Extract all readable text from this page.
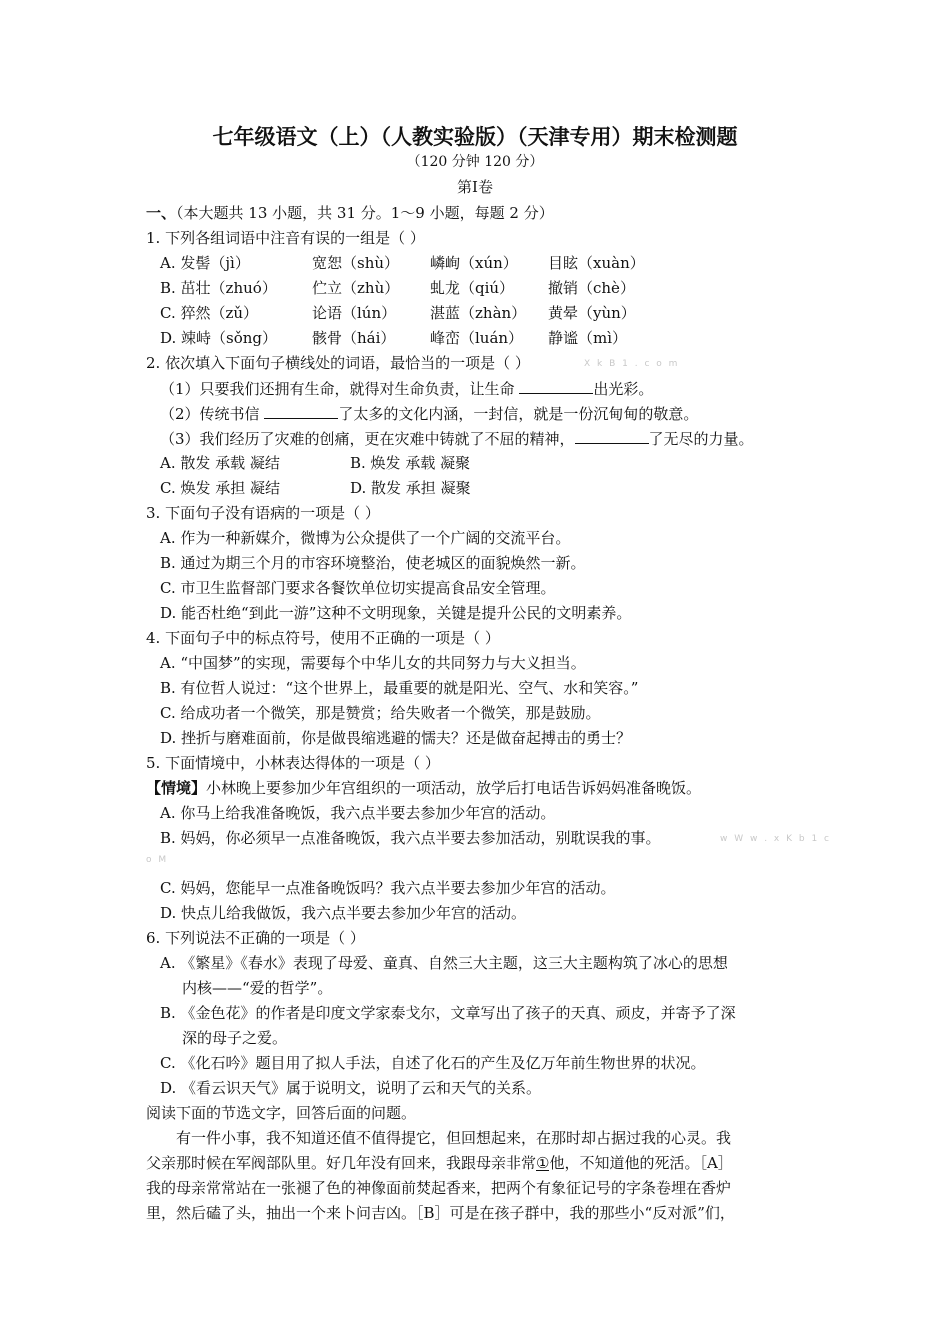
七年级语文（上）（人教实验版）（天津专用）期末检测题
（120 分钟 120 分）
第Ⅰ卷
一、（本大题共 13 小题，共 31 分。1～9 小题，每题 2 分）
1. 下列各组词语中注音有误的一组是（ ）
A. 发髻（jì）	宽恕（shù） 嶙峋（xún） 目眩（xuàn）
B. 茁壮（zhuó） 伫立（zhù） 虬龙（qiú） 撤销（chè）
C. 猝然（zǔ）	论语（lún） 湛蓝（zhàn） 黄晕（yùn）
D. 竦峙（sǒng） 骸骨（hái） 峰峦（luán） 静谧（mì）
2. 依次填入下面句子横线处的词语，最恰当的一项是（ ）	X k B 1 . c o m
（1）只要我们还拥有生命，就得对生命负责，让生命	出光彩。
（2）传统书信	了太多的文化内涵，一封信，就是一份沉甸甸的敬意。
（3）我们经历了灾难的创痛，更在灾难中铸就了不屈的精神，	了无尽的力量。
A. 散发 承载 凝结	B. 焕发 承载 凝聚
C. 焕发 承担 凝结	D. 散发 承担 凝聚
3. 下面句子没有语病的一项是（ ）
A. 作为一种新媒介，微博为公众提供了一个广阔的交流平台。
B. 通过为期三个月的市容环境整治，使老城区的面貌焕然一新。
C. 市卫生监督部门要求各餐饮单位切实提高食品安全管理。
D. 能否杜绝“到此一游”这种不文明现象，关键是提升公民的文明素养。
4. 下面句子中的标点符号，使用不正确的一项是（ ）
A. “中国梦”的实现，需要每个中华儿女的共同努力与大义担当。
B. 有位哲人说过：“这个世界上，最重要的就是阳光、空气、水和笑容。”
C. 给成功者一个微笑，那是赞赏；给失败者一个微笑，那是鼓励。
D. 挫折与磨难面前，你是做畏缩逃避的懦夫？还是做奋起搏击的勇士？
5. 下面情境中，小林表达得体的一项是（ ）
【情境】小林晚上要参加少年宫组织的一项活动，放学后打电话告诉妈妈准备晚饭。
A. 你马上给我准备晚饭，我六点半要去参加少年宫的活动。
B. 妈妈，你必须早一点准备晚饭，我六点半要去参加活动，别耽误我的事。	w W w . x K b 1 c
o M
C. 妈妈，您能早一点准备晚饭吗？我六点半要去参加少年宫的活动。
D. 快点儿给我做饭，我六点半要去参加少年宫的活动。
6. 下列说法不正确的一项是（ ）
A. 《繁星》《春水》表现了母爱、童真、自然三大主题，这三大主题构筑了冰心的思想
内核——“爱的哲学”。
B. 《金色花》的作者是印度文学家泰戈尔，文章写出了孩子的天真、顽皮，并寄予了深
深的母子之爱。
C. 《化石吟》题目用了拟人手法，自述了化石的产生及亿万年前生物世界的状况。
D. 《看云识天气》属于说明文，说明了云和天气的关系。
阅读下面的节选文字，回答后面的问题。
有一件小事，我不知道还值不值得提它，但回想起来，在那时却占据过我的心灵。我
父亲那时候在军阀部队里。好几年没有回来，我跟母亲非常①他，不知道他的死活。［A］
我的母亲常常站在一张褪了色的神像面前焚起香来，把两个有象征记号的字条卷埋在香炉
里，然后磕了头，抽出一个来卜问吉凶。［B］可是在孩子群中，我的那些小“反对派”们，
